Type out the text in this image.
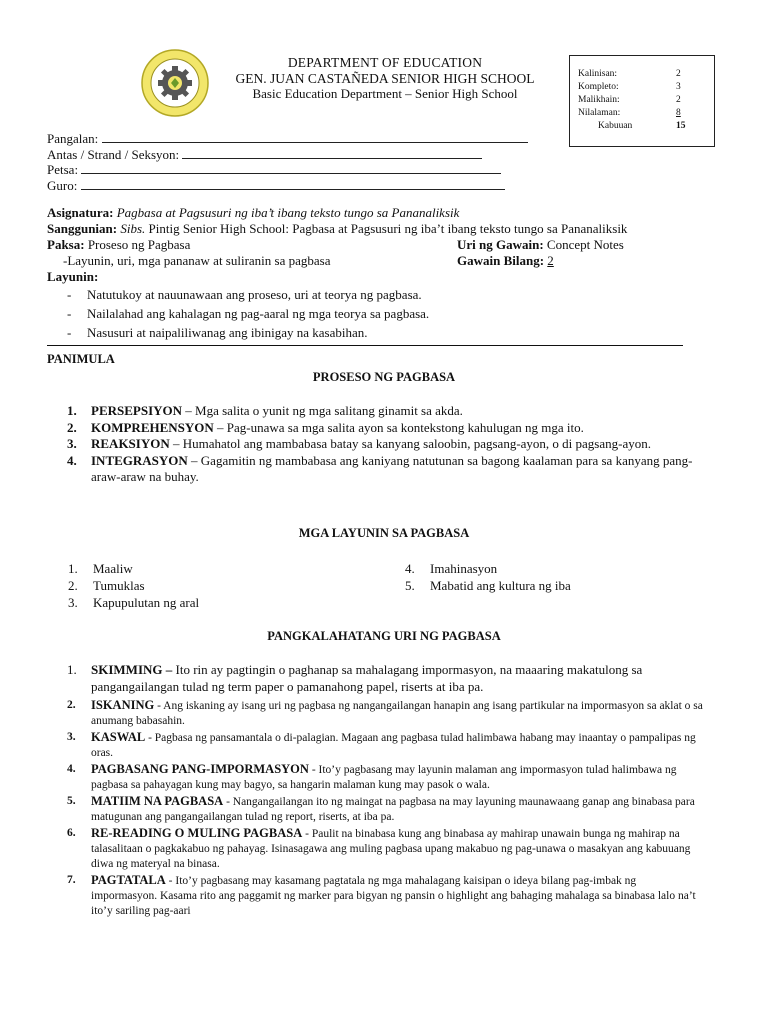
DEPARTMENT OF EDUCATION
GEN. JUAN CASTAÑEDA SENIOR HIGH SCHOOL
Basic Education Department – Senior High School
Kalinisan:	2
Kompleto:	3
Malikhain:	2
Nilalaman:	8
Kabuuan	15
Pangalan:
Antas / Strand / Seksyon:
Petsa:
Guro:
Asignatura: Pagbasa at Pagsusuri ng iba’t ibang teksto tungo sa Pananaliksik
Sanggunian: Sibs. Pintig Senior High School: Pagbasa at Pagsusuri ng iba’t ibang teksto tungo sa Pananaliksik
Paksa: Proseso ng Pagbasa	Uri ng Gawain: Concept Notes
-Layunin, uri, mga pananaw at suliranin sa pagbasa	Gawain Bilang: 2
Layunin:
- Natutukoy at nauunawaan ang proseso, uri at teorya ng pagbasa.
- Nailalahad ang kahalagan ng pag-aaral ng mga teorya sa pagbasa.
- Nasusuri at naipaliliwanag ang ibinigay na kasabihan.
PANIMULA
PROSESO NG PAGBASA
1. PERSEPSIYON – Mga salita o yunit ng mga salitang ginamit sa akda.
2. KOMPREHENSYON – Pag-unawa sa mga salita ayon sa kontekstong kahulugan ng mga ito.
3. REAKSIYON – Humahatol ang mambabasa batay sa kanyang saloobin, pagsang-ayon, o di pagsang-ayon.
4. INTEGRASYON – Gagamitin ng mambabasa ang kaniyang natutunan sa bagong kaalaman para sa kanyang pang-araw-araw na buhay.
MGA LAYUNIN SA PAGBASA
1. Maaliw
2. Tumuklas
3. Kapupulutan ng aral
4. Imahinasyon
5. Mabatid ang kultura ng iba
PANGKALAHATANG URI NG PAGBASA
1. SKIMMING – Ito rin ay pagtingin o paghanap sa mahalagang impormasyon, na maaaring makatulong sa pangangailangan tulad ng term paper o pamanahong papel, riserts at iba pa.
2. ISKANING - Ang iskaning ay isang uri ng pagbasa ng nangangailangan hanapin ang isang partikular na impormasyon sa aklat o sa anumang babasahin.
3. KASWAL - Pagbasa ng pansamantala o di-palagian. Magaan ang pagbasa tulad halimbawa habang may inaantay o pampalipas ng oras.
4. PAGBASANG PANG-IMPORMASYON - Ito’y pagbasang may layunin malaman ang impormasyon tulad halimbawa ng pagbasa sa pahayagan kung may bagyo, sa hangarin malaman kung may pasok o wala.
5. MATIIM NA PAGBASA - Nangangailangan ito ng maingat na pagbasa na may layuning maunawaang ganap ang binabasa para matugunan ang pangangailangan tulad ng report, riserts, at iba pa.
6. RE-READING O MULING PAGBASA - Paulit na binabasa kung ang binabasa ay mahirap unawain bunga ng mahirap na talasalitaan o pagkakabuo ng pahayag. Isinasagawa ang muling pagbasa upang makabuo ng pag-unawa o masakyan ang kabuuang diwa ng materyal na binasa.
7. PAGTATALA - Ito’y pagbasang may kasamang pagtatala ng mga mahalagang kaisipan o ideya bilang pag-imbak ng impormasyon. Kasama rito ang paggamit ng marker para bigyan ng pansin o highlight ang bahaging mahalaga sa binabasa lalo na’t ito’y sariling pag-aari
